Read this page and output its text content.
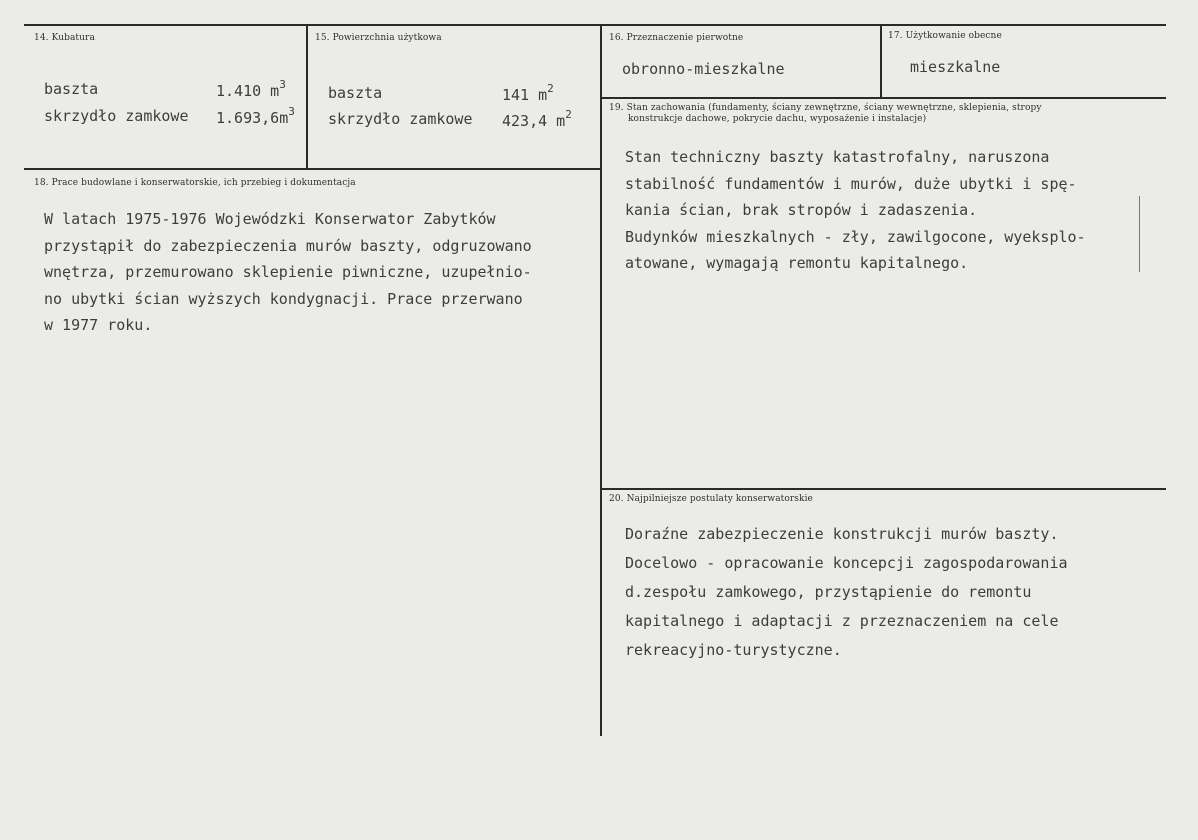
14. Kubatura
baszta	1.410 $m^3$
skrzydło zamkowe $1.693,6m^3$
15. Powierzchnia użytkowa
baszta	141 $m^2$
skrzydło zamkowe 423,4 $m^2$
16. Przeznaczenie pierwotne
obronno-mieszkalne
17. Użytkowanie obecne
mieszkalne
18. Prace budowlane i konserwatorskie, ich przebieg i dokumentacja
W latach 1975-1976 Wojewódzki Konserwator Zabytków
przystąpił do zabezpieczenia murów baszty, odgruzowano
wnętrza, przemurowano sklepienie piwniczne, uzupełnio-
no ubytki ścian wyższych kondygnacji. Prace przerwano
w 1977 roku.
19. Stan zachowania (fundamenty, ściany zewnętrzne, ściany wewnętrzne, sklepienia, stropy
konstrukcje dachowe, pokrycie dachu, wyposażenie i instalacje)
Stan techniczny baszty katastrofalny, naruszona
stabilność fundamentów i murów, duże ubytki i spę-
kania ścian, brak stropów i zadaszenia.
Budynków mieszkalnych - zły, zawilgocone, wyeksplo-
atowane, wymagają remontu kapitalnego.
20. Najpilniejsze postulaty konserwatorskie
Doraźne zabezpieczenie konstrukcji murów baszty.
Docelowo - opracowanie koncepcji zagospodarowania
d.zespołu zamkowego, przystąpienie do remontu
kapitalnego i adaptacji z przeznaczeniem na cele
rekreacyjno-turystyczne.
